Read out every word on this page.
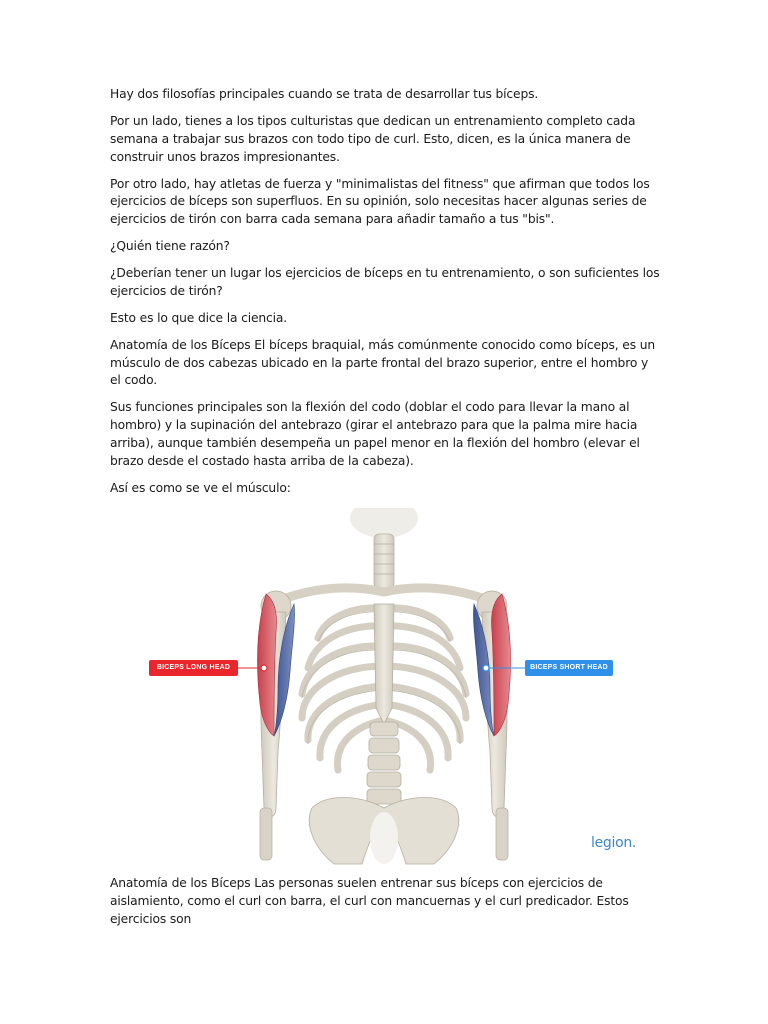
Hay dos filosofías principales cuando se trata de desarrollar tus bíceps.

Por un lado, tienes a los tipos culturistas que dedican un entrenamiento completo cada semana a trabajar sus brazos con todo tipo de curl. Esto, dicen, es la única manera de construir unos brazos impresionantes.

Por otro lado, hay atletas de fuerza y "minimalistas del fitness" que afirman que todos los ejercicios de bíceps son superfluos. En su opinión, solo necesitas hacer algunas series de ejercicios de tirón con barra cada semana para añadir tamaño a tus "bis".

¿Quién tiene razón?

¿Deberían tener un lugar los ejercicios de bíceps en tu entrenamiento, o son suficientes los ejercicios de tirón?

Esto es lo que dice la ciencia.

Anatomía de los Bíceps El bíceps braquial, más comúnmente conocido como bíceps, es un músculo de dos cabezas ubicado en la parte frontal del brazo superior, entre el hombro y el codo.

Sus funciones principales son la flexión del codo (doblar el codo para llevar la mano al hombro) y la supinación del antebrazo (girar el antebrazo para que la palma mire hacia arriba), aunque también desempeña un papel menor en la flexión del hombro (elevar el brazo desde el costado hasta arriba de la cabeza).

Así es como se ve el músculo:

BICEPS LONG HEAD	BICEPS SHORT HEAD
legion.

Anatomía de los Bíceps Las personas suelen entrenar sus bíceps con ejercicios de aislamiento, como el curl con barra, el curl con mancuernas y el curl predicador. Estos ejercicios son
